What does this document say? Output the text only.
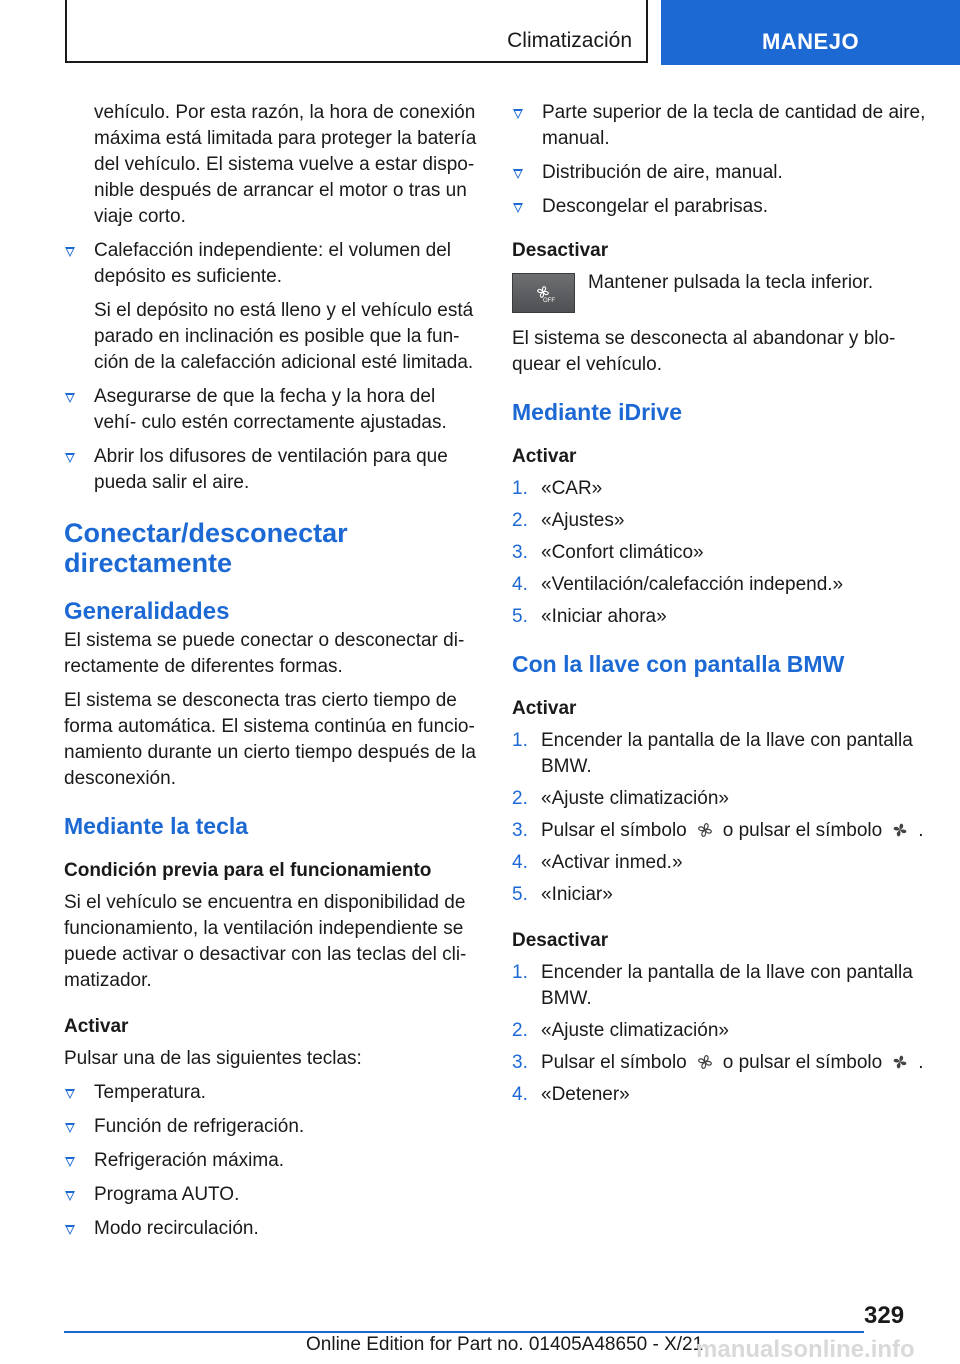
Climatización	MANEJO

vehículo. Por esta razón, la hora de conexión máxima está limitada para proteger la batería del vehículo. El sistema vuelve a estar dispo‐ nible después de arrancar el motor o tras un viaje corto.

Calefacción independiente: el volumen del depósito es suficiente.

Si el depósito no está lleno y el vehículo está parado en inclinación es posible que la fun‐ ción de la calefacción adicional esté limitada.

Asegurarse de que la fecha y la hora del vehí‐ culo estén correctamente ajustadas.
Abrir los difusores de ventilación para que pueda salir el aire.
Conectar/desconectar directamente
Generalidades

El sistema se puede conectar o desconectar di‐ rectamente de diferentes formas.

El sistema se desconecta tras cierto tiempo de forma automática. El sistema continúa en funcio‐ namiento durante un cierto tiempo después de la desconexión.

Mediante la tecla
Condición previa para el funcionamiento

Si el vehículo se encuentra en disponibilidad de funcionamiento, la ventilación independiente se puede activar o desactivar con las teclas del cli‐ matizador.

Activar

Pulsar una de las siguientes teclas:

Temperatura.
Función de refrigeración.
Refrigeración máxima.
Programa AUTO.
Modo recirculación.
Parte superior de la tecla de cantidad de aire, manual.
Distribución de aire, manual.
Descongelar el parabrisas.
Desactivar
OFF
Mantener pulsada la tecla inferior.

El sistema se desconecta al abandonar y blo‐ quear el vehículo.

Mediante iDrive
Activar
1. «CAR»
2. «Ajustes»
3. «Confort climático»
4. «Ventilación/calefacción independ.»
5. «Iniciar ahora»
Con la llave con pantalla BMW
Activar
1. Encender la pantalla de la llave con pantalla BMW.
2. «Ajuste climatización»
3. Pulsar el símbolo o pulsar el símbolo .
4. «Activar inmed.»
5. «Iniciar»
Desactivar
1. Encender la pantalla de la llave con pantalla BMW.
2. «Ajuste climatización»
3. Pulsar el símbolo o pulsar el símbolo .
4. «Detener»
329
Online Edition for Part no. 01405A48650 - X/21
manualsonline.info
